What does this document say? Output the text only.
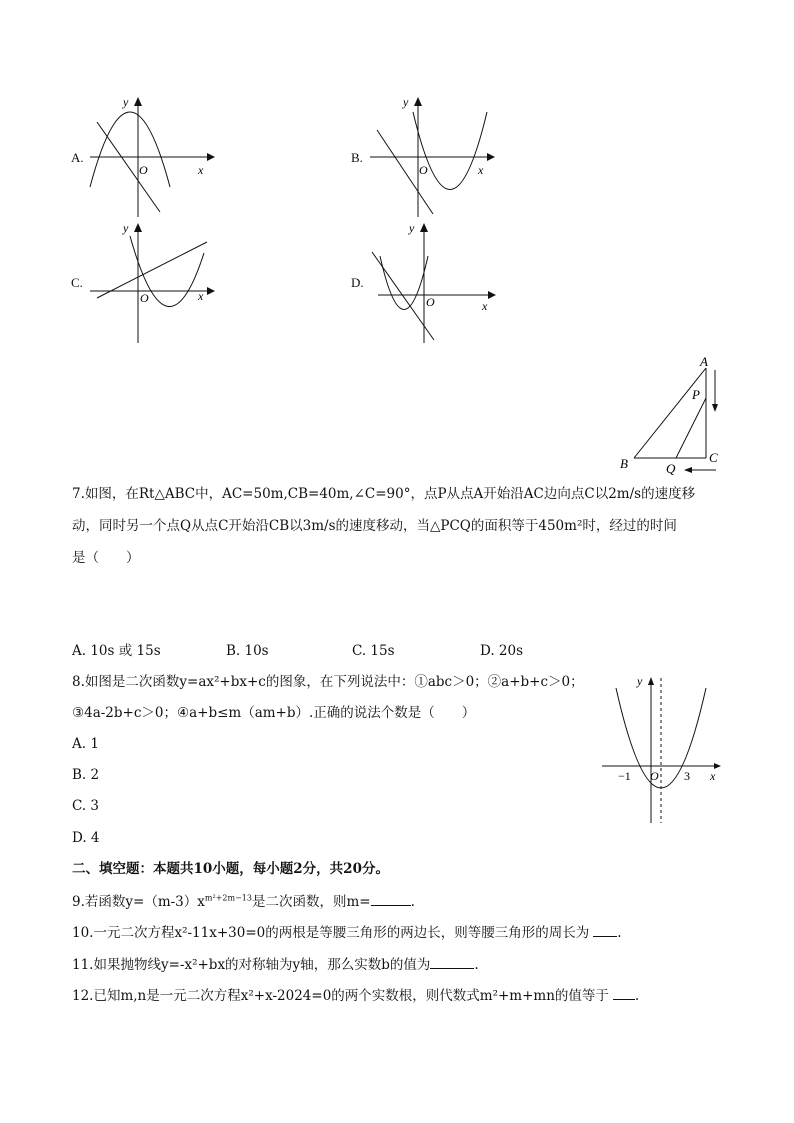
A.
y
x
O
B.
y
x
O
C.
y
x
O
D.
y
x
O
A
B	C
P
Q
7.如图，在Rt△ABC中，AC=50m,CB=40m,∠C=90°，点P从点A开始沿AC边向点C以2m/s的速度移
动，同时另一个点Q从点C开始沿CB以3m/s的速度移动，当△PCQ的面积等于450m²时，经过的时间
是（　　）
A. 10s 或 15s	B. 10s	C. 15s	D. 20s
8.如图是二次函数y=ax²+bx+c的图象，在下列说法中：①abc＞0；②a+b+c＞0；
③4a-2b+c＞0；④a+b≤m（am+b）.正确的说法个数是（　　）
A. 1
B. 2
C. 3
D. 4
y
x
−1 O 3
二、填空题：本题共10小题，每小题2分，共20分。
9.若函数$y=(m-3)x^{m^2+2m-13}$是二次函数，则m=	.
10.一元二次方程x²-11x+30=0的两根是等腰三角形的两边长，则等腰三角形的周长为 .
11.如果抛物线y=-x²+bx的对称轴为y轴，那么实数b的值为	.
12.已知m,n是一元二次方程x²+x-2024=0的两个实数根，则代数式m²+m+mn的值等于 .
